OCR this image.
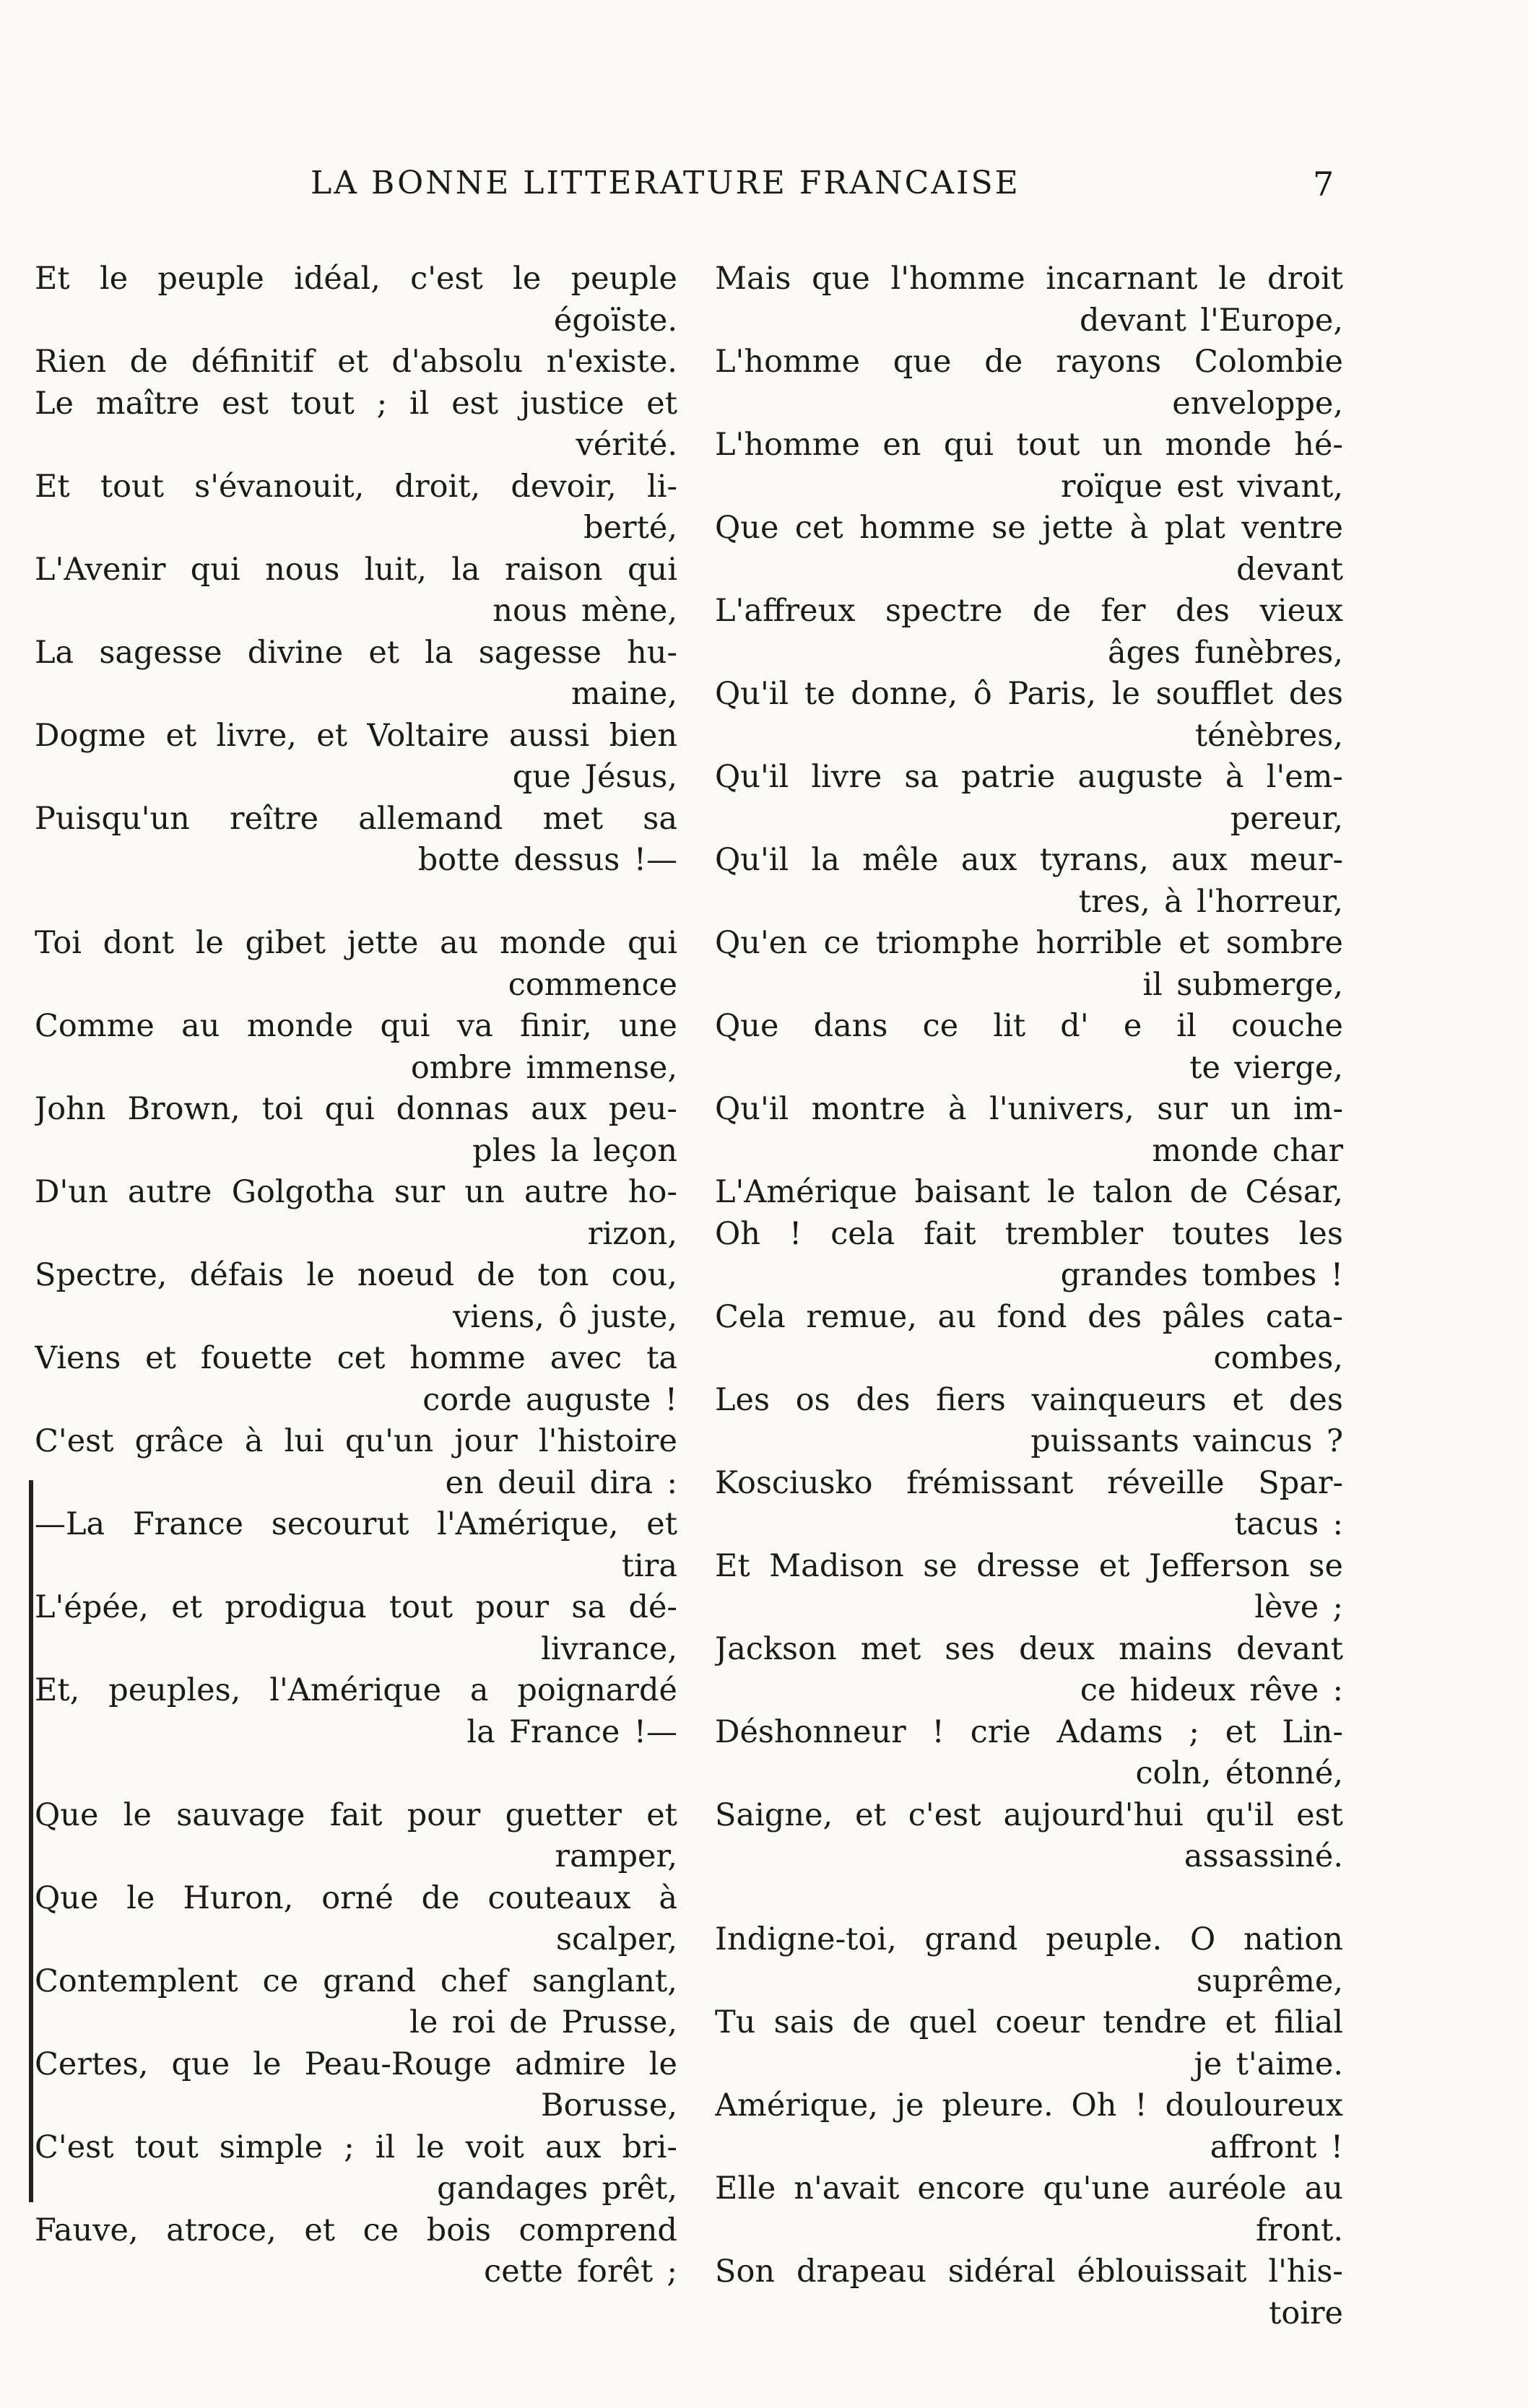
LA BONNE LITTERATURE FRANCAISE	7
Et le peuple idéal, c'est le peuple
égoïste.
Rien de définitif et d'absolu n'existe.
Le maître est tout ; il est justice et
vérité.
Et tout s'évanouit, droit, devoir, li-
berté,
L'Avenir qui nous luit, la raison qui
nous mène,
La sagesse divine et la sagesse hu-
maine,
Dogme et livre, et Voltaire aussi bien
que Jésus,
Puisqu'un reître allemand met sa
botte dessus !—
Toi dont le gibet jette au monde qui
commence
Comme au monde qui va finir, une
ombre immense,
John Brown, toi qui donnas aux peu-
ples la leçon
D'un autre Golgotha sur un autre ho-
rizon,
Spectre, défais le noeud de ton cou,
viens, ô juste,
Viens et fouette cet homme avec ta
corde auguste !
C'est grâce à lui qu'un jour l'histoire
en deuil dira :
—La France secourut l'Amérique, et
tira
L'épée, et prodigua tout pour sa dé-
livrance,
Et, peuples, l'Amérique a poignardé
la France !—
Que le sauvage fait pour guetter et
ramper,
Que le Huron, orné de couteaux à
scalper,
Contemplent ce grand chef sanglant,
le roi de Prusse,
Certes, que le Peau-Rouge admire le
Borusse,
C'est tout simple ; il le voit aux bri-
gandages prêt,
Fauve, atroce, et ce bois comprend
cette forêt ;
Mais que l'homme incarnant le droit
devant l'Europe,
L'homme que de rayons Colombie
enveloppe,
L'homme en qui tout un monde hé-
roïque est vivant,
Que cet homme se jette à plat ventre
devant
L'affreux spectre de fer des vieux
âges funèbres,
Qu'il te donne, ô Paris, le soufflet des
ténèbres,
Qu'il livre sa patrie auguste à l'em-
pereur,
Qu'il la mêle aux tyrans, aux meur-
tres, à l'horreur,
Qu'en ce triomphe horrible et sombre
il submerge,
Que dans ce lit d' e il couche
te vierge,
Qu'il montre à l'univers, sur un im-
monde char
L'Amérique baisant le talon de César,
Oh ! cela fait trembler toutes les
grandes tombes !
Cela remue, au fond des pâles cata-
combes,
Les os des fiers vainqueurs et des
puissants vaincus ?
Kosciusko frémissant réveille Spar-
tacus :
Et Madison se dresse et Jefferson se
lève ;
Jackson met ses deux mains devant
ce hideux rêve :
Déshonneur ! crie Adams ; et Lin-
coln, étonné,
Saigne, et c'est aujourd'hui qu'il est
assassiné.
Indigne-toi, grand peuple. O nation
suprême,
Tu sais de quel coeur tendre et filial
je t'aime.
Amérique, je pleure. Oh ! douloureux
affront !
Elle n'avait encore qu'une auréole au
front.
Son drapeau sidéral éblouissait l'his-
toire
